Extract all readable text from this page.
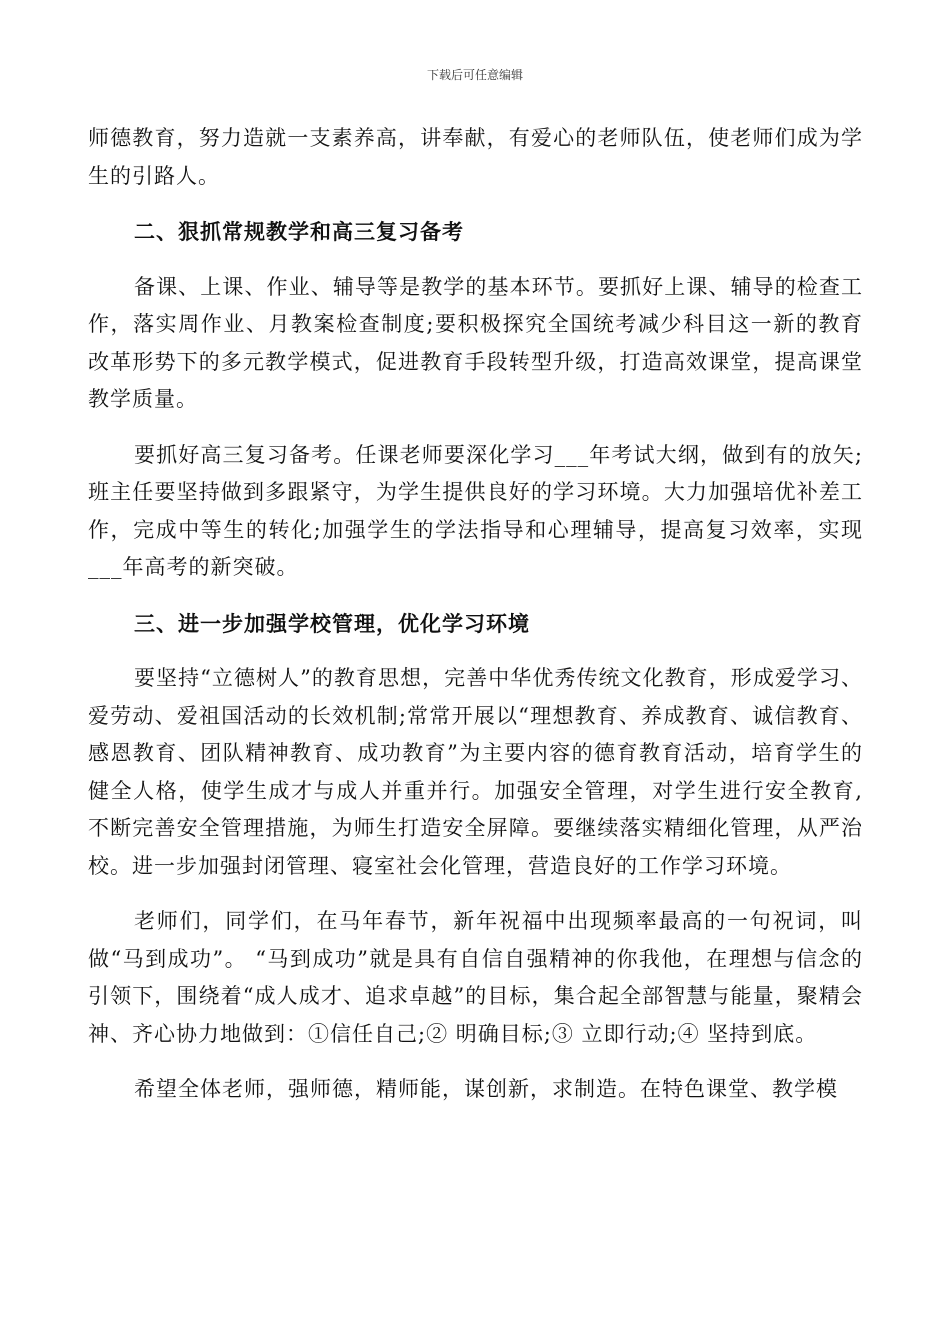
下载后可任意编辑

师德教育，努力造就一支素养高，讲奉献，有爱心的老师队伍，使老师们成为学生的引路人。

二、狠抓常规教学和高三复习备考

备课、上课、作业、辅导等是教学的基本环节。要抓好上课、辅导的检查工作，落实周作业、月教案检查制度;要积极探究全国统考减少科目这一新的教育改革形势下的多元教学模式，促进教育手段转型升级，打造高效课堂，提高课堂教学质量。

要抓好高三复习备考。任课老师要深化学习___年考试大纲，做到有的放矢;班主任要坚持做到多跟紧守，为学生提供良好的学习环境。大力加强培优补差工作，完成中等生的转化;加强学生的学法指导和心理辅导，提高复习效率，实现___年高考的新突破。

三、进一步加强学校管理，优化学习环境

要坚持“立德树人”的教育思想，完善中华优秀传统文化教育，形成爱学习、爱劳动、爱祖国活动的长效机制;常常开展以“理想教育、养成教育、诚信教育、感恩教育、团队精神教育、成功教育”为主要内容的德育教育活动，培育学生的健全人格，使学生成才与成人并重并行。加强安全管理，对学生进行安全教育,不断完善安全管理措施，为师生打造安全屏障。要继续落实精细化管理，从严治校。进一步加强封闭管理、寝室社会化管理，营造良好的工作学习环境。

老师们，同学们，在马年春节，新年祝福中出现频率最高的一句祝词，叫做“马到成功”。 “马到成功”就是具有自信自强精神的你我他，在理想与信念的引领下，围绕着“成人成才、追求卓越”的目标，集合起全部智慧与能量，聚精会神、齐心协力地做到：①信任自己;② 明确目标;③ 立即行动;④ 坚持到底。

希望全体老师，强师德，精师能，谋创新，求制造。在特色课堂、教学模
